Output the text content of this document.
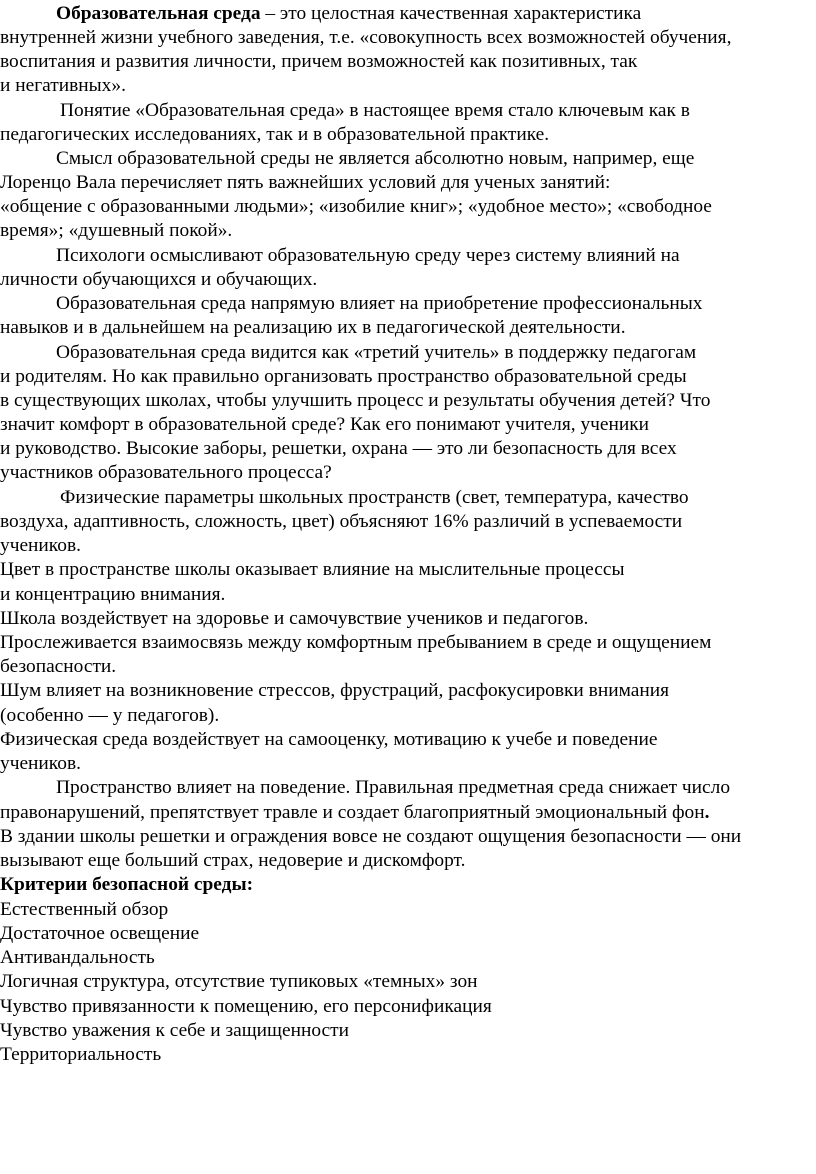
Образовательная среда – это целостная качественная характеристика
внутренней жизни учебного заведения, т.е. «совокупность всех возможностей обучения,
воспитания и развития личности, причем возможностей как позитивных, так
и негативных».
Понятие «Образовательная среда» в настоящее время стало ключевым как в
педагогических исследованиях, так и в образовательной практике.
Смысл образовательной среды не является абсолютно новым, например, еще
Лоренцо Вала перечисляет пять важнейших условий для ученых занятий:
«общение с образованными людьми»; «изобилие книг»; «удобное место»; «свободное
время»; «душевный покой».
Психологи осмысливают образовательную среду через систему влияний на
личности обучающихся и обучающих.
Образовательная среда напрямую влияет на приобретение профессиональных
навыков и в дальнейшем на реализацию их в педагогической деятельности.
Образовательная среда видится как «третий учитель» в поддержку педагогам
и родителям. Но как правильно организовать пространство образовательной среды
в существующих школах, чтобы улучшить процесс и результаты обучения детей? Что
значит комфорт в образовательной среде? Как его понимают учителя, ученики
и руководство. Высокие заборы, решетки, охрана — это ли безопасность для всех
участников образовательного процесса?
Физические параметры школьных пространств (свет, температура, качество
воздуха, адаптивность, сложность, цвет) объясняют 16% различий в успеваемости
учеников.
Цвет в пространстве школы оказывает влияние на мыслительные процессы
и концентрацию внимания.
Школа воздействует на здоровье и самочувствие учеников и педагогов.
Прослеживается взаимосвязь между комфортным пребыванием в среде и ощущением
безопасности.
Шум влияет на возникновение стрессов, фрустраций, расфокусировки внимания
(особенно — у педагогов).
Физическая среда воздействует на самооценку, мотивацию к учебе и поведение
учеников.
Пространство влияет на поведение. Правильная предметная среда снижает число
правонарушений, препятствует травле и создает благоприятный эмоциональный фон.
В здании школы решетки и ограждения вовсе не создают ощущения безопасности — они
вызывают еще больший страх, недоверие и дискомфорт.
Критерии безопасной среды:
Естественный обзор
Достаточное освещение
Антивандальность
Логичная структура, отсутствие тупиковых «темных» зон
Чувство привязанности к помещению, его персонификация
Чувство уважения к себе и защищенности
Территориальность
